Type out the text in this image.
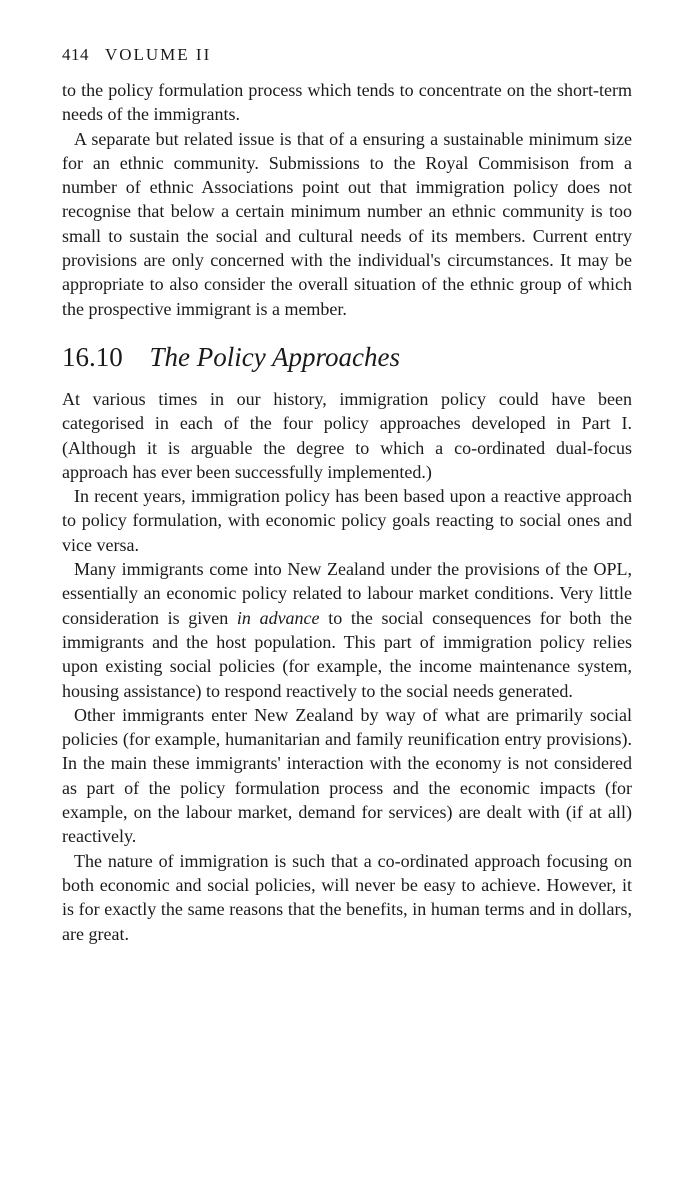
414 VOLUME II

to the policy formulation process which tends to concentrate on the short-term needs of the immigrants.

A separate but related issue is that of a ensuring a sustainable minimum size for an ethnic community. Submissions to the Royal Commisison from a number of ethnic Associations point out that immigration policy does not recognise that below a certain minimum number an ethnic community is too small to sustain the social and cultural needs of its members. Current entry provisions are only concerned with the individual's circumstances. It may be appropriate to also consider the overall situation of the ethnic group of which the prospective immigrant is a member.

16.10 The Policy Approaches

At various times in our history, immigration policy could have been categorised in each of the four policy approaches developed in Part I. (Although it is arguable the degree to which a co-ordinated dual-focus approach has ever been successfully implemented.)

In recent years, immigration policy has been based upon a reactive approach to policy formulation, with economic policy goals reacting to social ones and vice versa.

Many immigrants come into New Zealand under the provisions of the OPL, essentially an economic policy related to labour market conditions. Very little consideration is given in advance to the social consequences for both the immigrants and the host population. This part of immigration policy relies upon existing social policies (for example, the income maintenance system, housing assistance) to respond reactively to the social needs generated.

Other immigrants enter New Zealand by way of what are primarily social policies (for example, humanitarian and family reunification entry provisions). In the main these immigrants' interaction with the economy is not considered as part of the policy formulation process and the economic impacts (for example, on the labour market, demand for services) are dealt with (if at all) reactively.

The nature of immigration is such that a co-ordinated approach focusing on both economic and social policies, will never be easy to achieve. However, it is for exactly the same reasons that the benefits, in human terms and in dollars, are great.
